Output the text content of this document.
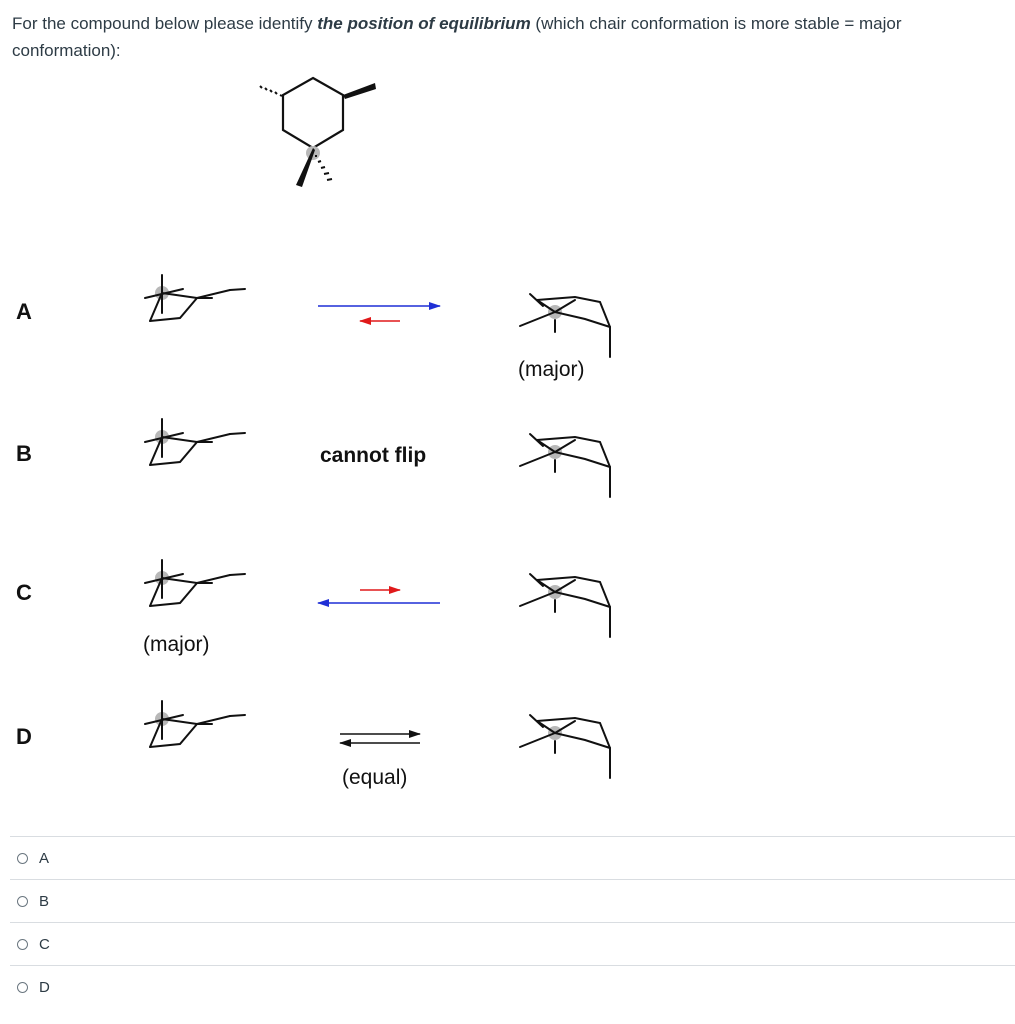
For the compound below please identify the position of equilibrium (which chair conformation is more stable = major conformation):
A
(major)
B	cannot flip
C
(major)
D
(equal)
A
B
C
D
